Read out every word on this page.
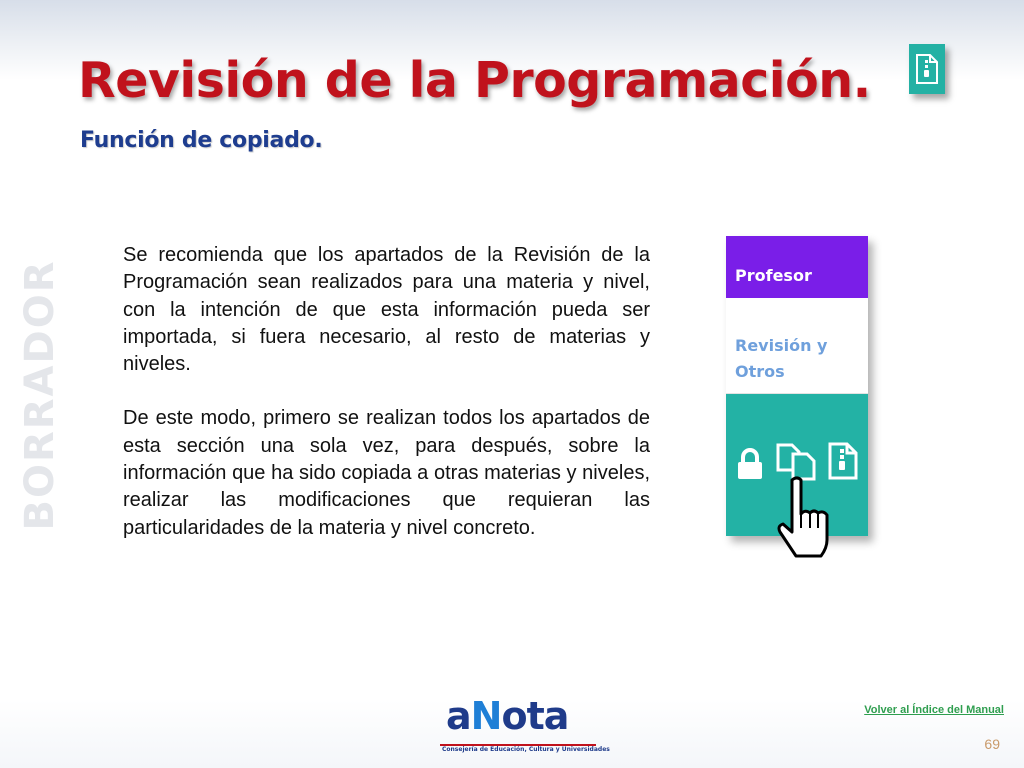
Revisión de la Programación.
Función de copiado.
BORRADOR

Se recomienda que los apartados de la Revisión de la Programación sean realizados para una materia y nivel, con la intención de que esta información pueda ser importada, si fuera necesario, al resto de materias y niveles.

De este modo, primero se realizan todos los apartados de esta sección una sola vez, para después, sobre la información que ha sido copiada a otras materias y niveles, realizar las modificaciones que requieran las particularidades de la materia y nivel concreto.

Profesor
Revisión y
Otros
Volver al Índice del Manual
69
aNota
Consejería de Educación, Cultura y Universidades
